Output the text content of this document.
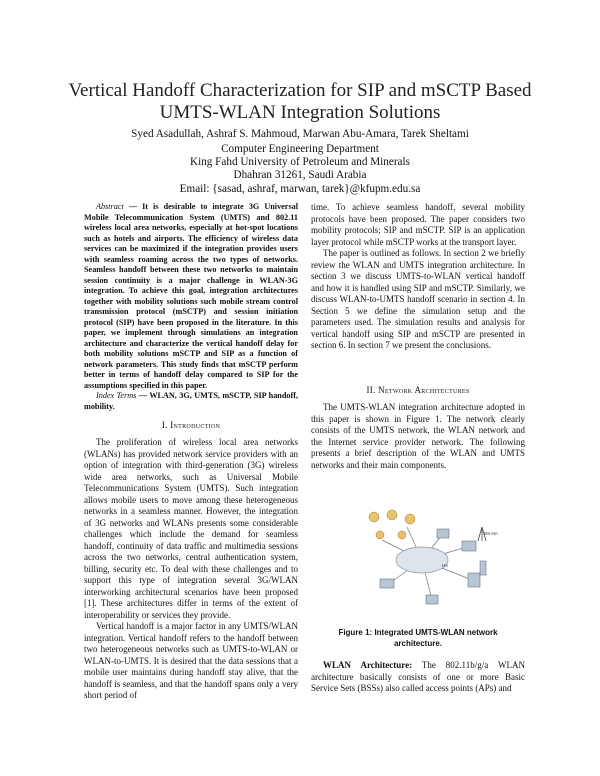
Vertical Handoff Characterization for SIP and mSCTP Based
UMTS-WLAN Integration Solutions
Syed Asadullah, Ashraf S. Mahmoud, Marwan Abu-Amara, Tarek Sheltami
Computer Engineering Department
King Fahd University of Petroleum and Minerals
Dhahran 31261, Saudi Arabia
Email: {sasad, ashraf, marwan, tarek}@kfupm.edu.sa

Abstract — It is desirable to integrate 3G Universal Mobile Telecommunication System (UMTS) and 802.11 wireless local area networks, especially at hot-spot locations such as hotels and airports. The efficiency of wireless data services can be maximized if the integration provides users with seamless roaming across the two types of networks. Seamless handoff between these two networks to maintain session continuity is a major challenge in WLAN-3G integration. To achieve this goal, integration architectures together with mobility solutions such mobile stream control transmission protocol (mSCTP) and session initiation protocol (SIP) have been proposed in the literature. In this paper, we implement through simulations an integration architecture and characterize the vertical handoff delay for both mobility solutions mSCTP and SIP as a function of network parameters. This study finds that mSCTP perform better in terms of handoff delay compared to SIP for the assumptions specified in this paper.

Index Terms — WLAN, 3G, UMTS, mSCTP, SIP handoff, mobility.

I. Introduction

The proliferation of wireless local area networks (WLANs) has provided network service providers with an option of integration with third-generation (3G) wireless wide area networks, such as Universal Mobile Telecommunications System (UMTS). Such integration allows mobile users to move among these heterogeneous networks in a seamless manner. However, the integration of 3G networks and WLANs presents some considerable challenges which include the demand for seamless handoff, continuity of data traffic and multimedia sessions across the two networks, central authentication system, billing, security etc. To deal with these challenges and to support this type of integration several 3G/WLAN interworking architectural scenarios have been proposed [1]. These architectures differ in terms of the extent of interoperability or services they provide.

Vertical handoff is a major factor in any UMTS/WLAN integration. Vertical handoff refers to the handoff between two heterogeneous networks such as UMTS-to-WLAN or WLAN-to-UMTS. It is desired that the data sessions that a mobile user maintains during handoff stay alive, that the handoff is seamless, and that the handoff spans only a very short period of

time. To achieve seamless handoff, several mobility protocols have been proposed. The paper considers two mobility protocols; SIP and mSCTP. SIP is an application layer protocol while mSCTP works at the transport layer.

The paper is outlined as follows. In section 2 we briefly review the WLAN and UMTS integration architecture. In section 3 we discuss UMTS-to-WLAN vertical handoff and how it is handled using SIP and mSCTP. Similarly, we discuss WLAN-to-UMTS handoff scenario in section 4. In Section 5 we define the simulation setup and the parameters used. The simulation results and analysis for vertical handoff using SIP and mSCTP are presented in section 6. In section 7 we present the conclusions.

II. Network Architectures

The UMTS-WLAN integration architecture adopted in this paper is shown in Figure 1. The network clearly consists of the UMTS network, the WLAN network and the Internet service provider network. The following presents a brief description of the WLAN and UMTS networks and their main components.

BS-HA
HA
Figure 1: Integrated UMTS-WLAN network architecture.

WLAN Architecture: The 802.11b/g/a WLAN architecture basically consists of one or more Basic Service Sets (BSSs) also called access points (APs) and
